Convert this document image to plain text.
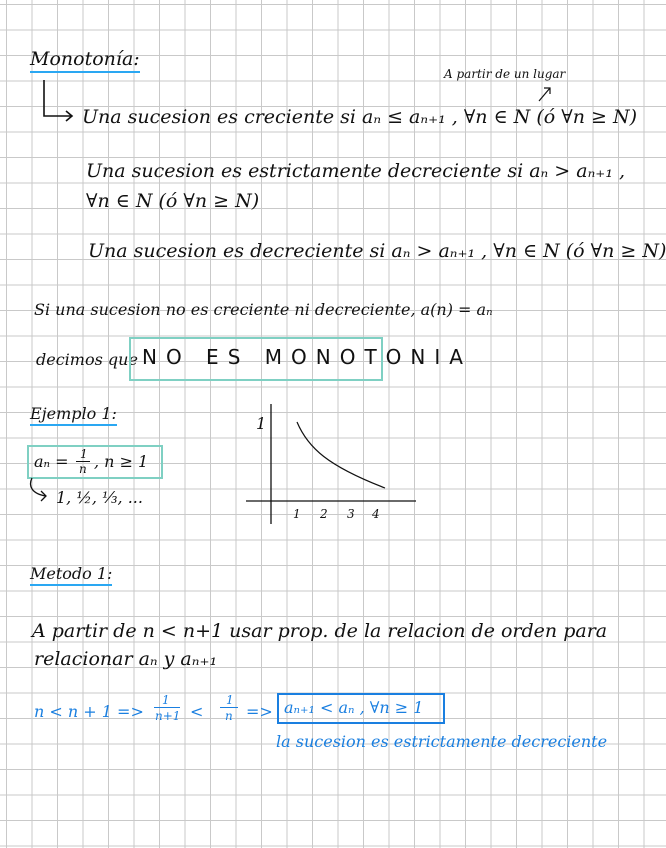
Monotonía:
A partir de un lugar
Una sucesion es creciente si aₙ ≤ aₙ₊₁ , ∀n ∈ N (ó ∀n ≥ N)
Una sucesion es estrictamente decreciente si aₙ > aₙ₊₁ ,
∀n ∈ N (ó ∀n ≥ N)
Una sucesion es decreciente si aₙ > aₙ₊₁ , ∀n ∈ N (ó ∀n ≥ N)
Si una sucesion no es creciente ni decreciente, a(n) = aₙ
decimos que NO ES MONOTONIA
Ejemplo 1:
aₙ = 1
n , n ≥ 1
1, ½, ⅓, ...
1
1 2 3 4
Metodo 1:
A partir de n < n+1 usar prop. de la relacion de orden para
relacionar aₙ y aₙ₊₁
n < n + 1 =>
1
n+1 <
1
n => aₙ₊₁ < aₙ , ∀n ≥ 1
la sucesion es estrictamente decreciente
